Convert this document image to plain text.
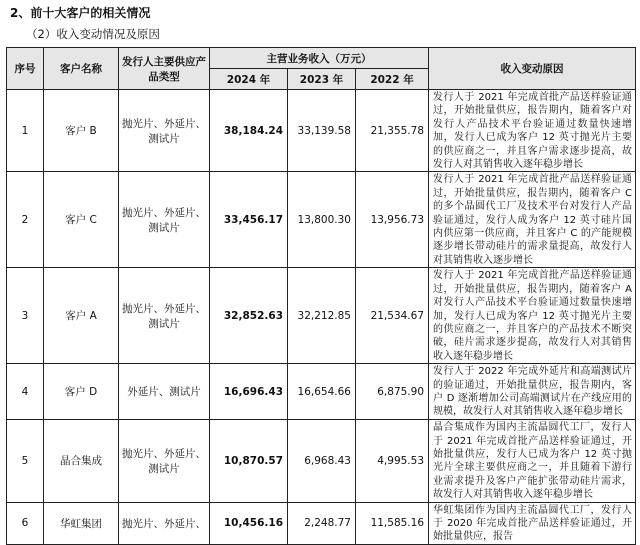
2、前十大客户的相关情况
（2）收入变动情况及原因
序号	客户名称	发行人主要供应产品类型	主营业务收入（万元）			收入变动原因
			2024 年	2023 年	2022 年	
1	客户 B	抛光片、外延片、测试片	38,184.24	33,139.58	21,355.78	发行人于 2021 年完成首批产品送样验证通过，开始批量供应，报告期内，随着客户对发行人产品技术平台验证通过数量快速增加，发行人已成为客户 12 英寸抛光片主要的供应商之一，并且客户需求逐步提高，故发行人对其销售收入逐年稳步增长
2	客户 C	抛光片、外延片、测试片	33,456.17	13,800.30	13,956.73	发行人于 2021 年完成首批产品送样验证通过，开始批量供应，报告期内，随着客户 C 的多个晶圆代工厂及技术平台对发行人产品验证通过，发行人成为客户 12 英寸硅片国内供应第一供应商，并且客户 C 的产能规模逐步增长带动硅片的需求量提高，故发行人对其销售收入逐步增长
3	客户 A	抛光片、外延片、测试片	32,852.63	32,212.85	21,534.67	发行人于 2021 年完成首批产品送样验证通过，开始批量供应，报告期内，随着客户 A 对发行人产品技术平台验证通过数量快速增加，发行人已成为客户 12 英寸抛光片主要的供应商之一，并且客户的产品技术不断突破，硅片需求逐步提高，故发行人对其销售收入逐年稳步增长
4	客户 D	外延片、测试片	16,696.43	16,654.66	6,875.90	发行人于 2022 年完成外延片和高端测试片的验证通过，开始批量供应，报告期内，客户 D 逐渐增加公司高端测试片在产线应用的规模，故发行人对其销售收入逐年稳步增长
5	晶合集成	抛光片、外延片、测试片	10,870.57	6,968.43	4,995.53	晶合集成作为国内主流晶圆代工厂，发行人于 2021 年完成首批产品送样验证通过，开始批量供应，发行人已成为客户 12 英寸抛光片全球主要供应商之一，并且随着下游行业需求提升及客户产能扩张带动硅片需求，故发行人对其销售收入逐年稳步增长
6	华虹集团	抛光片、外延片、	10,456.16	2,248.77	11,585.16	华虹集团作为国内主流晶圆代工厂，发行人于 2020 年完成首批产品送样验证通过，开始批量供应，报告
